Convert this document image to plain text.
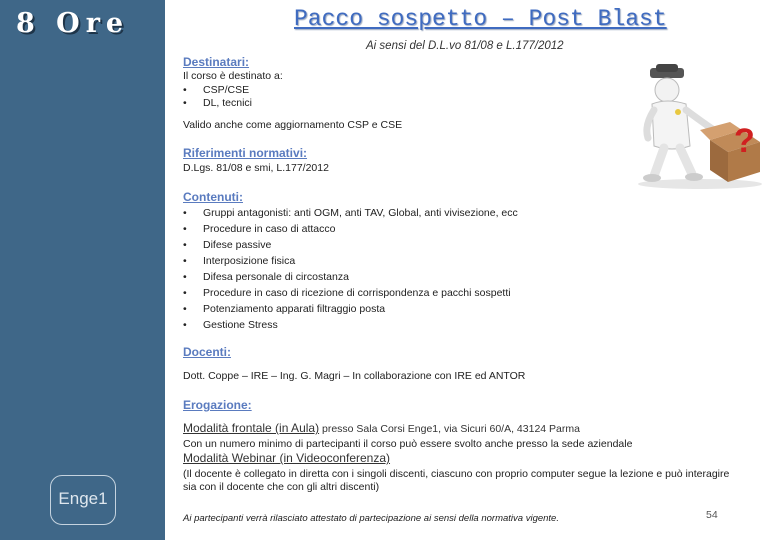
8 Ore
Enge1
Pacco sospetto – Post Blast
Ai sensi del D.L.vo 81/08 e L.177/2012
Destinatari:
Il corso è destinato a:
• CSP/CSE
• DL, tecnici
Valido anche come aggiornamento CSP e CSE
Riferimenti normativi:
D.Lgs. 81/08 e smi, L.177/2012
Contenuti:
• Gruppi antagonisti: anti OGM, anti TAV, Global, anti vivisezione, ecc
• Procedure in caso di attacco
• Difese passive
• Interposizione fisica
• Difesa personale di circostanza
• Procedure in caso di ricezione di corrispondenza e pacchi sospetti
• Potenziamento apparati filtraggio posta
• Gestione Stress
Docenti:
Dott. Coppe – IRE – Ing. G. Magri – In collaborazione con IRE ed ANTOR
Erogazione:
Modalità frontale (in Aula) presso Sala Corsi Enge1, via Sicuri 60/A, 43124 Parma
Con un numero minimo di partecipanti il corso può essere svolto anche presso la sede aziendale
Modalità Webinar (in Videoconferenza)
(Il docente è collegato in diretta con i singoli discenti, ciascuno con proprio computer segue la lezione e può interagire
sia con il docente che con gli altri discenti)
Ai partecipanti verrà rilasciato attestato di partecipazione ai sensi della normativa vigente.	54
?
